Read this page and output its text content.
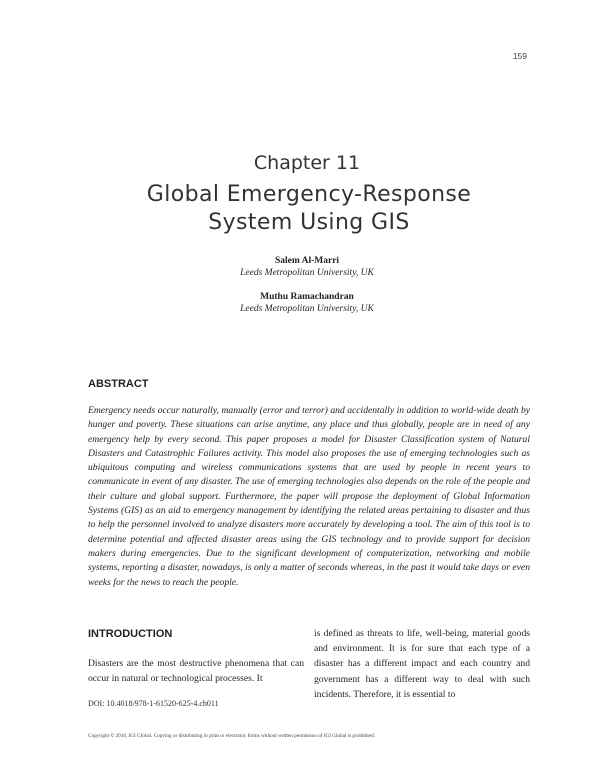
159
Chapter 11
Global Emergency-Response
System Using GIS
Salem Al-Marri
Leeds Metropolitan University, UK
Muthu Ramachandran
Leeds Metropolitan University, UK
ABSTRACT
Emergency needs occur naturally, manually (error and terror) and accidentally in addition to world-wide death by hunger and poverty. These situations can arise anytime, any place and thus globally, people are in need of any emergency help by every second. This paper proposes a model for Disaster Classification system of Natural Disasters and Catastrophic Failures activity. This model also proposes the use of emerging technologies such as ubiquitous computing and wireless communications systems that are used by people in recent years to communicate in event of any disaster. The use of emerging technologies also depends on the role of the people and their culture and global support. Furthermore, the paper will propose the deployment of Global Information Systems (GIS) as an aid to emergency management by identifying the related areas pertaining to disaster and thus to help the personnel involved to analyze disasters more accurately by developing a tool. The aim of this tool is to determine potential and affected disaster areas using the GIS technology and to provide support for decision makers during emergencies. Due to the significant development of computerization, networking and mobile systems, reporting a disaster, nowadays, is only a matter of seconds whereas, in the past it would take days or even weeks for the news to reach the people.
INTRODUCTION
Disasters are the most destructive phenomena that can occur in natural or technological processes. It
is defined as threats to life, well-being, material goods and environment. It is for sure that each type of a disaster has a different impact and each country and government has a different way to deal with such incidents. Therefore, it is essential to
DOI: 10.4018/978-1-61520-625-4.ch011
Copyright © 2010, IGI Global. Copying or distributing in print or electronic forms without written permission of IGI Global is prohibited.
